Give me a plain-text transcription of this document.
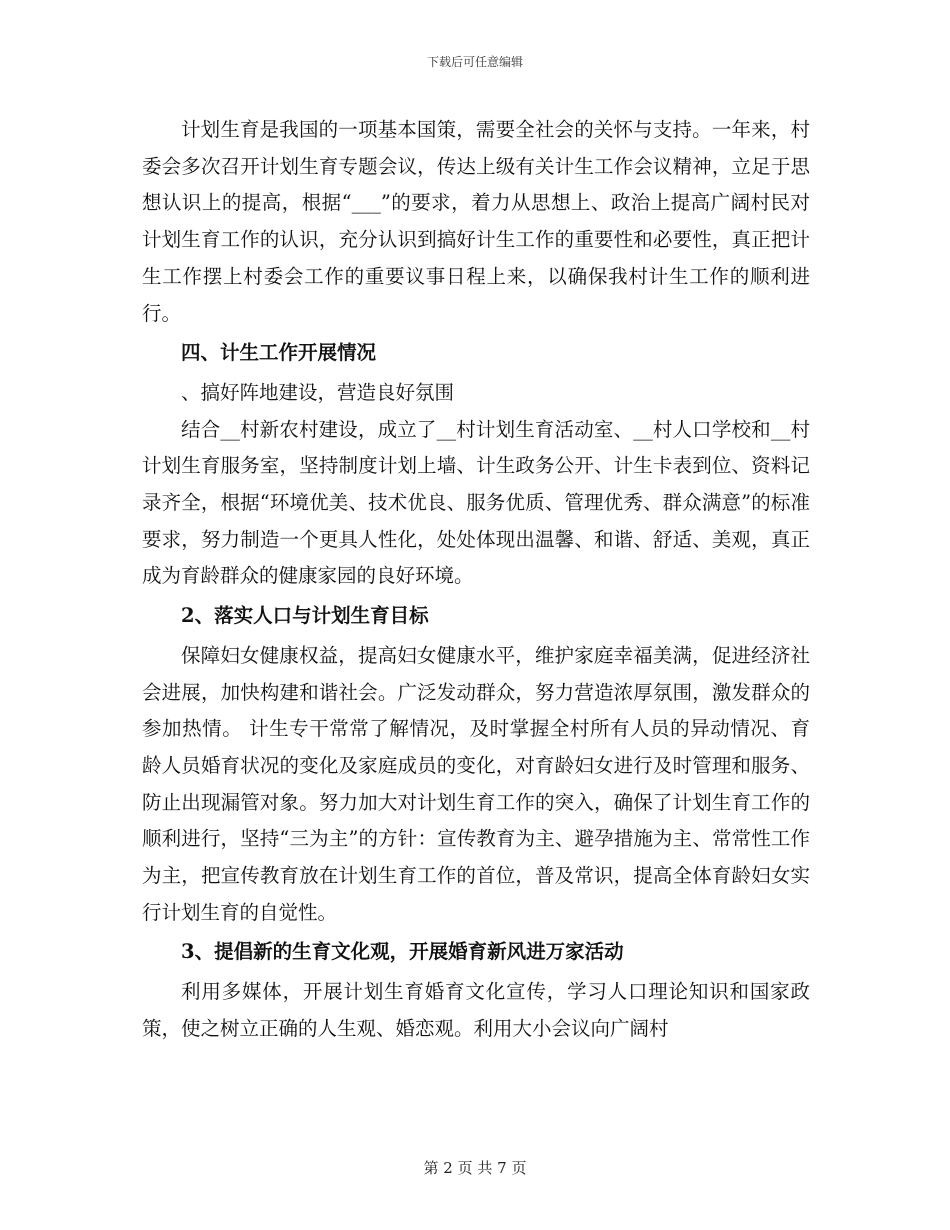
下载后可任意编辑

计划生育是我国的一项基本国策，需要全社会的关怀与支持。一年来，村委会多次召开计划生育专题会议，传达上级有关计生工作会议精神，立足于思想认识上的提高，根据“___”的要求，着力从思想上、政治上提高广阔村民对计划生育工作的认识，充分认识到搞好计生工作的重要性和必要性，真正把计生工作摆上村委会工作的重要议事日程上来，以确保我村计生工作的顺利进行。

四、计生工作开展情况

、搞好阵地建设，营造良好氛围

结合__村新农村建设，成立了__村计划生育活动室、__村人口学校和__村计划生育服务室，坚持制度计划上墙、计生政务公开、计生卡表到位、资料记录齐全，根据“环境优美、技术优良、服务优质、管理优秀、群众满意”的标准要求，努力制造一个更具人性化，处处体现出温馨、和谐、舒适、美观，真正成为育龄群众的健康家园的良好环境。

2、落实人口与计划生育目标

保障妇女健康权益，提高妇女健康水平，维护家庭幸福美满，促进经济社会进展，加快构建和谐社会。广泛发动群众，努力营造浓厚氛围，激发群众的参加热情。 计生专干常常了解情况，及时掌握全村所有人员的异动情况、育龄人员婚育状况的变化及家庭成员的变化，对育龄妇女进行及时管理和服务、防止出现漏管对象。努力加大对计划生育工作的突入，确保了计划生育工作的顺利进行，坚持“三为主”的方针：宣传教育为主、避孕措施为主、常常性工作为主，把宣传教育放在计划生育工作的首位，普及常识，提高全体育龄妇女实行计划生育的自觉性。

3、提倡新的生育文化观，开展婚育新风进万家活动

利用多媒体，开展计划生育婚育文化宣传，学习人口理论知识和国家政策，使之树立正确的人生观、婚恋观。利用大小会议向广阔村

第 2 页 共 7 页
